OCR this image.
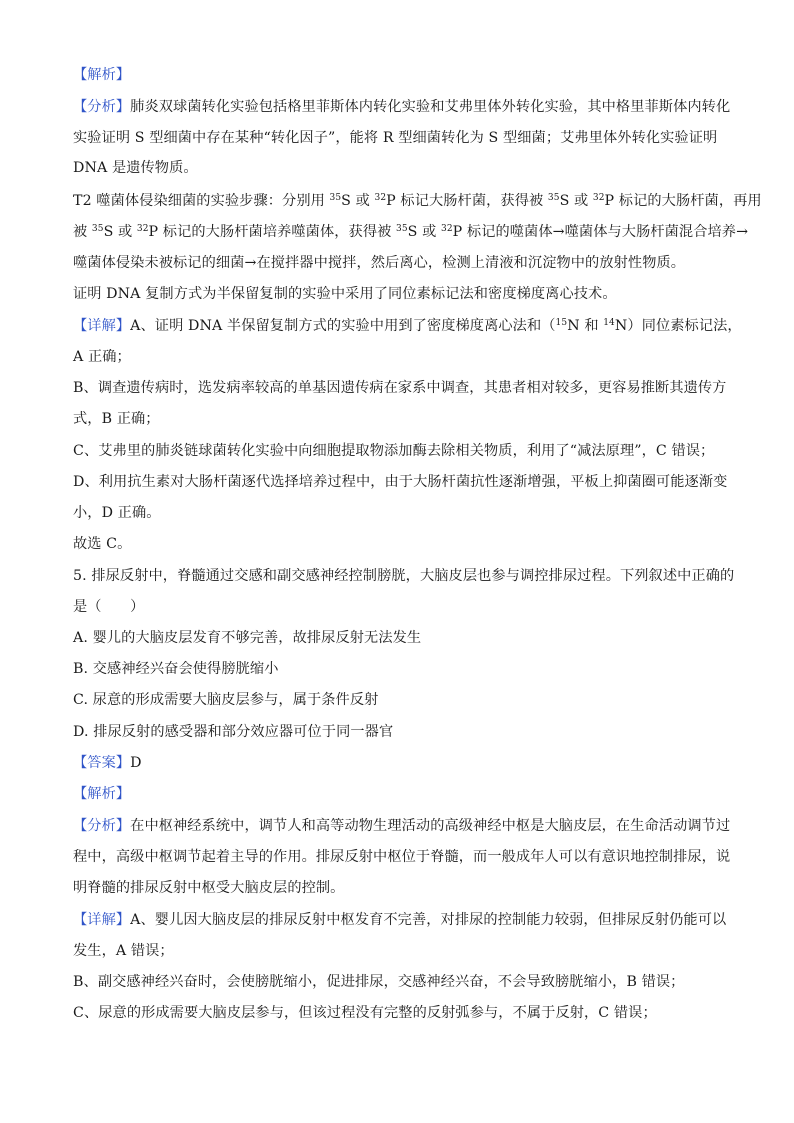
【解析】
【分析】肺炎双球菌转化实验包括格里菲斯体内转化实验和艾弗里体外转化实验，其中格里菲斯体内转化
实验证明 S 型细菌中存在某种“转化因子”，能将 R 型细菌转化为 S 型细菌；艾弗里体外转化实验证明
DNA 是遗传物质。
T2 噬菌体侵染细菌的实验步骤：分别用 $^{35}$S 或 $^{32}$P 标记大肠杆菌，获得被 $^{35}$S 或 $^{32}$P 标记的大肠杆菌，再用
被 $^{35}$S 或 $^{32}$P 标记的大肠杆菌培养噬菌体，获得被 $^{35}$S 或 $^{32}$P 标记的噬菌体→噬菌体与大肠杆菌混合培养→
噬菌体侵染未被标记的细菌→在搅拌器中搅拌，然后离心，检测上清液和沉淀物中的放射性物质。
证明 DNA 复制方式为半保留复制的实验中采用了同位素标记法和密度梯度离心技术。
【详解】A、证明 DNA 半保留复制方式的实验中用到了密度梯度离心法和（$^{15}$N 和 $^{14}$N）同位素标记法，
A 正确；
B、调查遗传病时，选发病率较高的单基因遗传病在家系中调查，其患者相对较多，更容易推断其遗传方
式，B 正确；
C、艾弗里的肺炎链球菌转化实验中向细胞提取物添加酶去除相关物质，利用了“减法原理”，C 错误；
D、利用抗生素对大肠杆菌逐代选择培养过程中，由于大肠杆菌抗性逐渐增强，平板上抑菌圈可能逐渐变
小，D 正确。
故选 C。
5. 排尿反射中，脊髓通过交感和副交感神经控制膀胱，大脑皮层也参与调控排尿过程。下列叙述中正确的
是（　　）
A. 婴儿的大脑皮层发育不够完善，故排尿反射无法发生
B. 交感神经兴奋会使得膀胱缩小
C. 尿意的形成需要大脑皮层参与，属于条件反射
D. 排尿反射的感受器和部分效应器可位于同一器官
【答案】D
【解析】
【分析】在中枢神经系统中，调节人和高等动物生理活动的高级神经中枢是大脑皮层，在生命活动调节过
程中，高级中枢调节起着主导的作用。排尿反射中枢位于脊髓，而一般成年人可以有意识地控制排尿，说
明脊髓的排尿反射中枢受大脑皮层的控制。
【详解】A、婴儿因大脑皮层的排尿反射中枢发育不完善，对排尿的控制能力较弱，但排尿反射仍能可以
发生，A 错误；
B、副交感神经兴奋时，会使膀胱缩小，促进排尿，交感神经兴奋，不会导致膀胱缩小，B 错误；
C、尿意的形成需要大脑皮层参与，但该过程没有完整的反射弧参与，不属于反射，C 错误；
